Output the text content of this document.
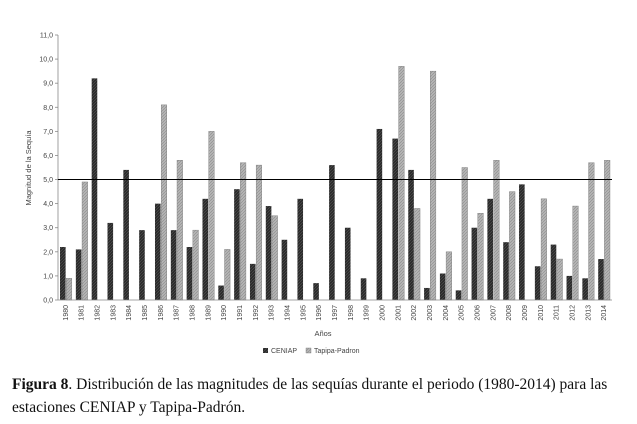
0,0
1,0
2,0
3,0
4,0
5,0
6,0
7,0
8,0
9,0
10,0
11,0
1980 1981 1982 1983 1984 1985 1986 1987 1988 1989 1990 1991 1992 1993 1994 1995 1996 1997 1998 1999 2000 2001 2002 2003 2004 2005 2006 2007 2008 2009 2010 2011 2012 2013 2014
Magnitud de la Sequía
Años
CENIAP Tapipa-Padron

Figura 8. Distribución de las magnitudes de las sequías durante el periodo (1980-2014) para las estaciones CENIAP y Tapipa-Padrón.
